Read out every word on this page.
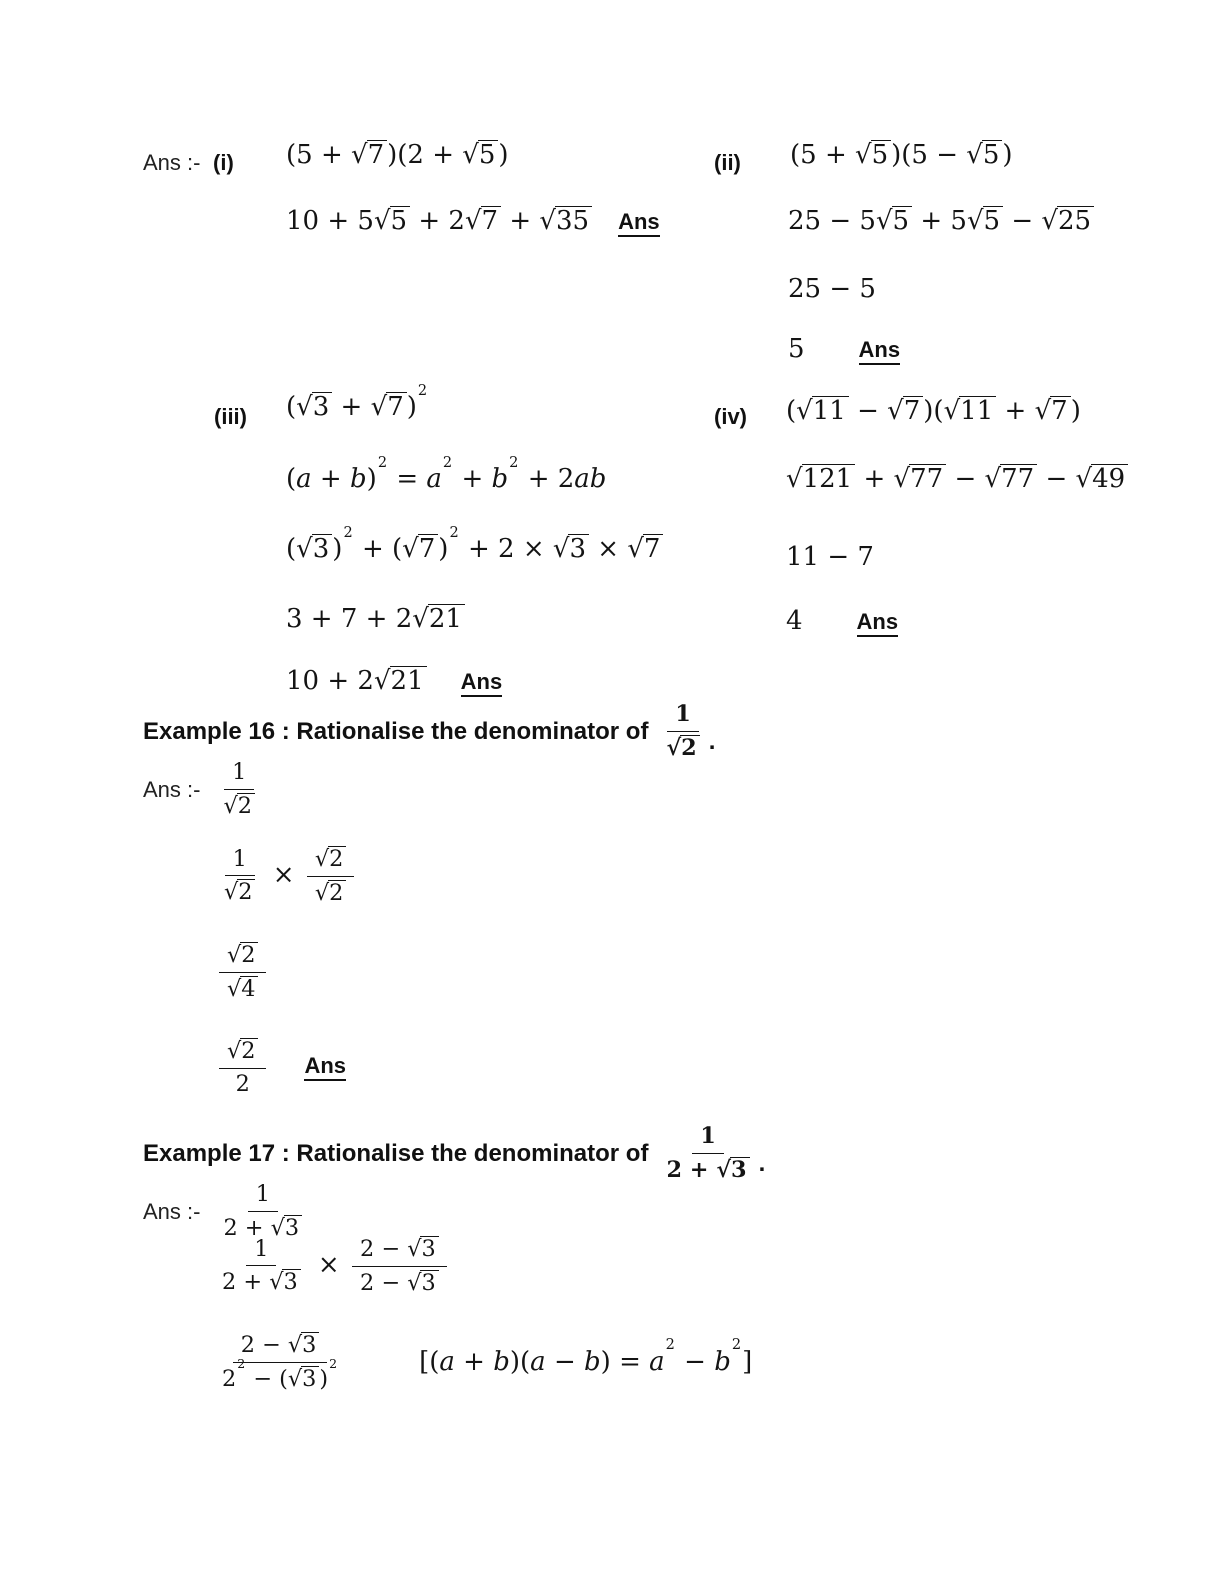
Ans :- (i) (5 + √7 )(2 + √5 )
10 + 5√5 + 2√7 + √35 Ans
(ii) (5 + √5 )(5 − √5 )
25 − 5√5 + 5√5 − √25
25 − 5
5 Ans
(iii) (√3 + √7 )$^2$
$(a + b)^2 = a^2 + b^2 + 2ab$
(√3 )$^2$ + (√7 )$^2$ + 2 × √3 × √7
3 + 7 + 2√21
10 + 2√21 Ans
(iv) (√11 − √7 )(√11 + √7 )
√121 + √77 − √77 − √49
11 − 7
4 Ans
Example 16 : Rationalise the denominator of $\frac{1}{√2}$ .
Ans :- $\frac{1}{√2}$
$\frac{1}{√2} \times \frac{√2}{√2}$
$\frac{√2}{√4}$
$\frac{√2}{2}$ Ans
Example 17 : Rationalise the denominator of $\frac{1}{2 + √3}$ .
Ans :- $\frac{1}{2 + √3}$
$\frac{1}{2 + √3} \times \frac{2 - √3}{2 - √3}$
$\frac{2 - √3}{2^2 - (√3 )^2}$	$[(a + b)(a - b) = a^2 - b^2]$
